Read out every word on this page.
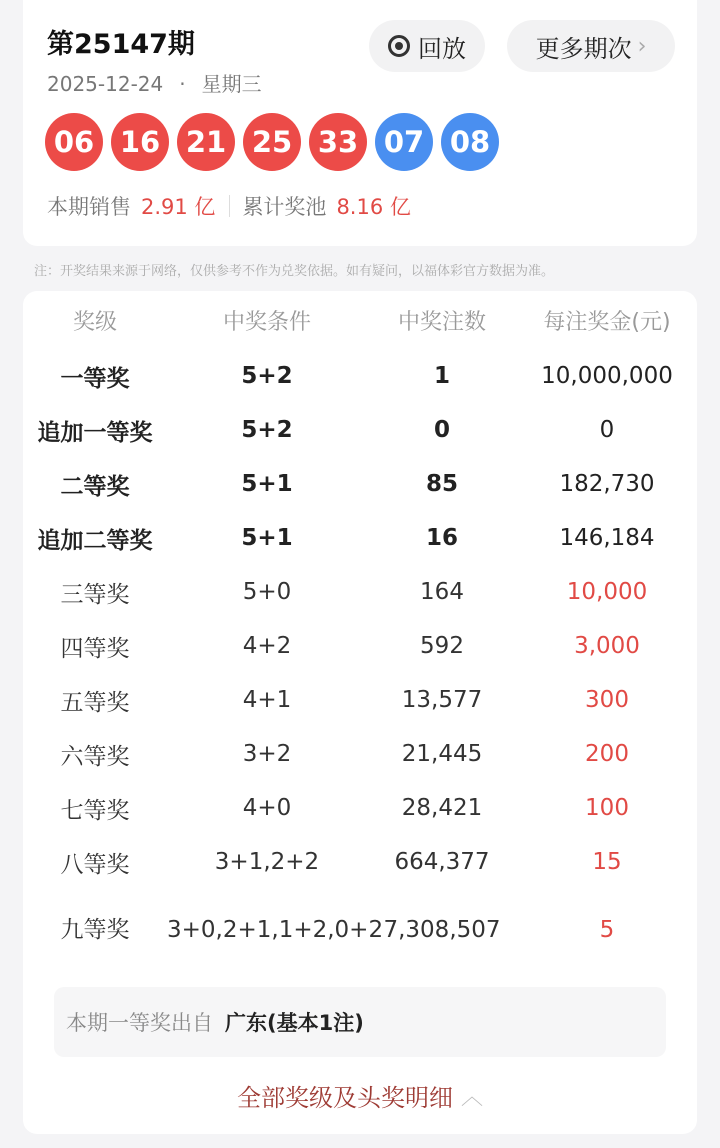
第25147期
2025-12-24 · 星期三
回放	更多期次 ›
06 16 21 25 33 07 08
本期销售 2.91 亿 累计奖池 8.16 亿
注：开奖结果来源于网络，仅供参考不作为兑奖依据。如有疑问，以福体彩官方数据为准。
奖级	中奖条件	中奖注数	每注奖金(元)
一等奖	5+2	1	10,000,000
追加一等奖	5+2	0	0
二等奖	5+1	85	182,730
追加二等奖	5+1	16	146,184
三等奖	5+0	164	10,000
四等奖	4+2	592	3,000
五等奖	4+1	13,577	300
六等奖	3+2	21,445	200
七等奖	4+0	28,421	100
八等奖	3+1,2+2	664,377	15
九等奖	3+0,2+1,1+2,0+2	7,308,507	5
本期一等奖出自 广东(基本1注)
全部奖级及头奖明细 ︿
